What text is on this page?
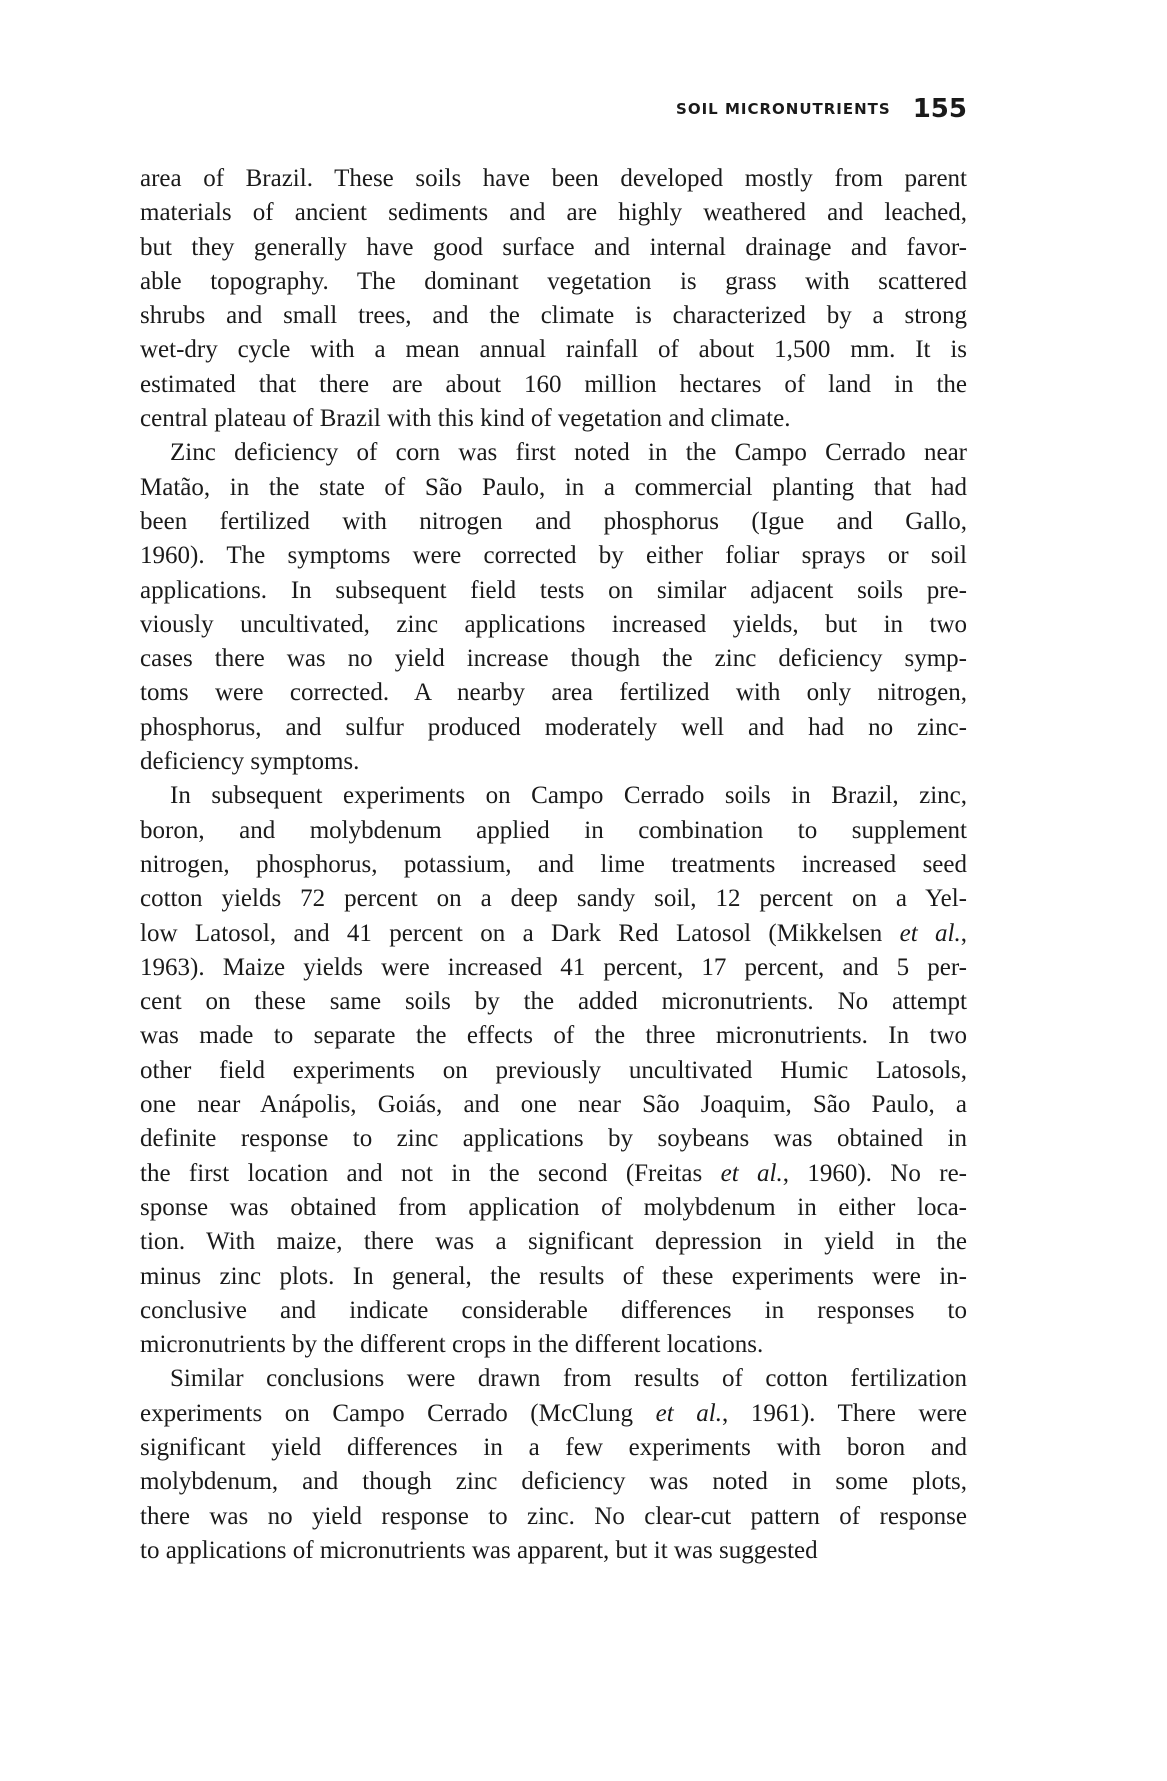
SOIL MICRONUTRIENTS 155
area of Brazil. These soils have been developed mostly from parent
materials of ancient sediments and are highly weathered and leached,
but they generally have good surface and internal drainage and favor-
able topography. The dominant vegetation is grass with scattered
shrubs and small trees, and the climate is characterized by a strong
wet-dry cycle with a mean annual rainfall of about 1,500 mm. It is
estimated that there are about 160 million hectares of land in the
central plateau of Brazil with this kind of vegetation and climate.
Zinc deficiency of corn was first noted in the Campo Cerrado near
Matão, in the state of São Paulo, in a commercial planting that had
been fertilized with nitrogen and phosphorus (Igue and Gallo,
1960). The symptoms were corrected by either foliar sprays or soil
applications. In subsequent field tests on similar adjacent soils pre-
viously uncultivated, zinc applications increased yields, but in two
cases there was no yield increase though the zinc deficiency symp-
toms were corrected. A nearby area fertilized with only nitrogen,
phosphorus, and sulfur produced moderately well and had no zinc-
deficiency symptoms.
In subsequent experiments on Campo Cerrado soils in Brazil, zinc,
boron, and molybdenum applied in combination to supplement
nitrogen, phosphorus, potassium, and lime treatments increased seed
cotton yields 72 percent on a deep sandy soil, 12 percent on a Yel-
low Latosol, and 41 percent on a Dark Red Latosol (Mikkelsen et al.,
1963). Maize yields were increased 41 percent, 17 percent, and 5 per-
cent on these same soils by the added micronutrients. No attempt
was made to separate the effects of the three micronutrients. In two
other field experiments on previously uncultivated Humic Latosols,
one near Anápolis, Goiás, and one near São Joaquim, São Paulo, a
definite response to zinc applications by soybeans was obtained in
the first location and not in the second (Freitas et al., 1960). No re-
sponse was obtained from application of molybdenum in either loca-
tion. With maize, there was a significant depression in yield in the
minus zinc plots. In general, the results of these experiments were in-
conclusive and indicate considerable differences in responses to
micronutrients by the different crops in the different locations.
Similar conclusions were drawn from results of cotton fertilization
experiments on Campo Cerrado (McClung et al., 1961). There were
significant yield differences in a few experiments with boron and
molybdenum, and though zinc deficiency was noted in some plots,
there was no yield response to zinc. No clear-cut pattern of response
to applications of micronutrients was apparent, but it was suggested
